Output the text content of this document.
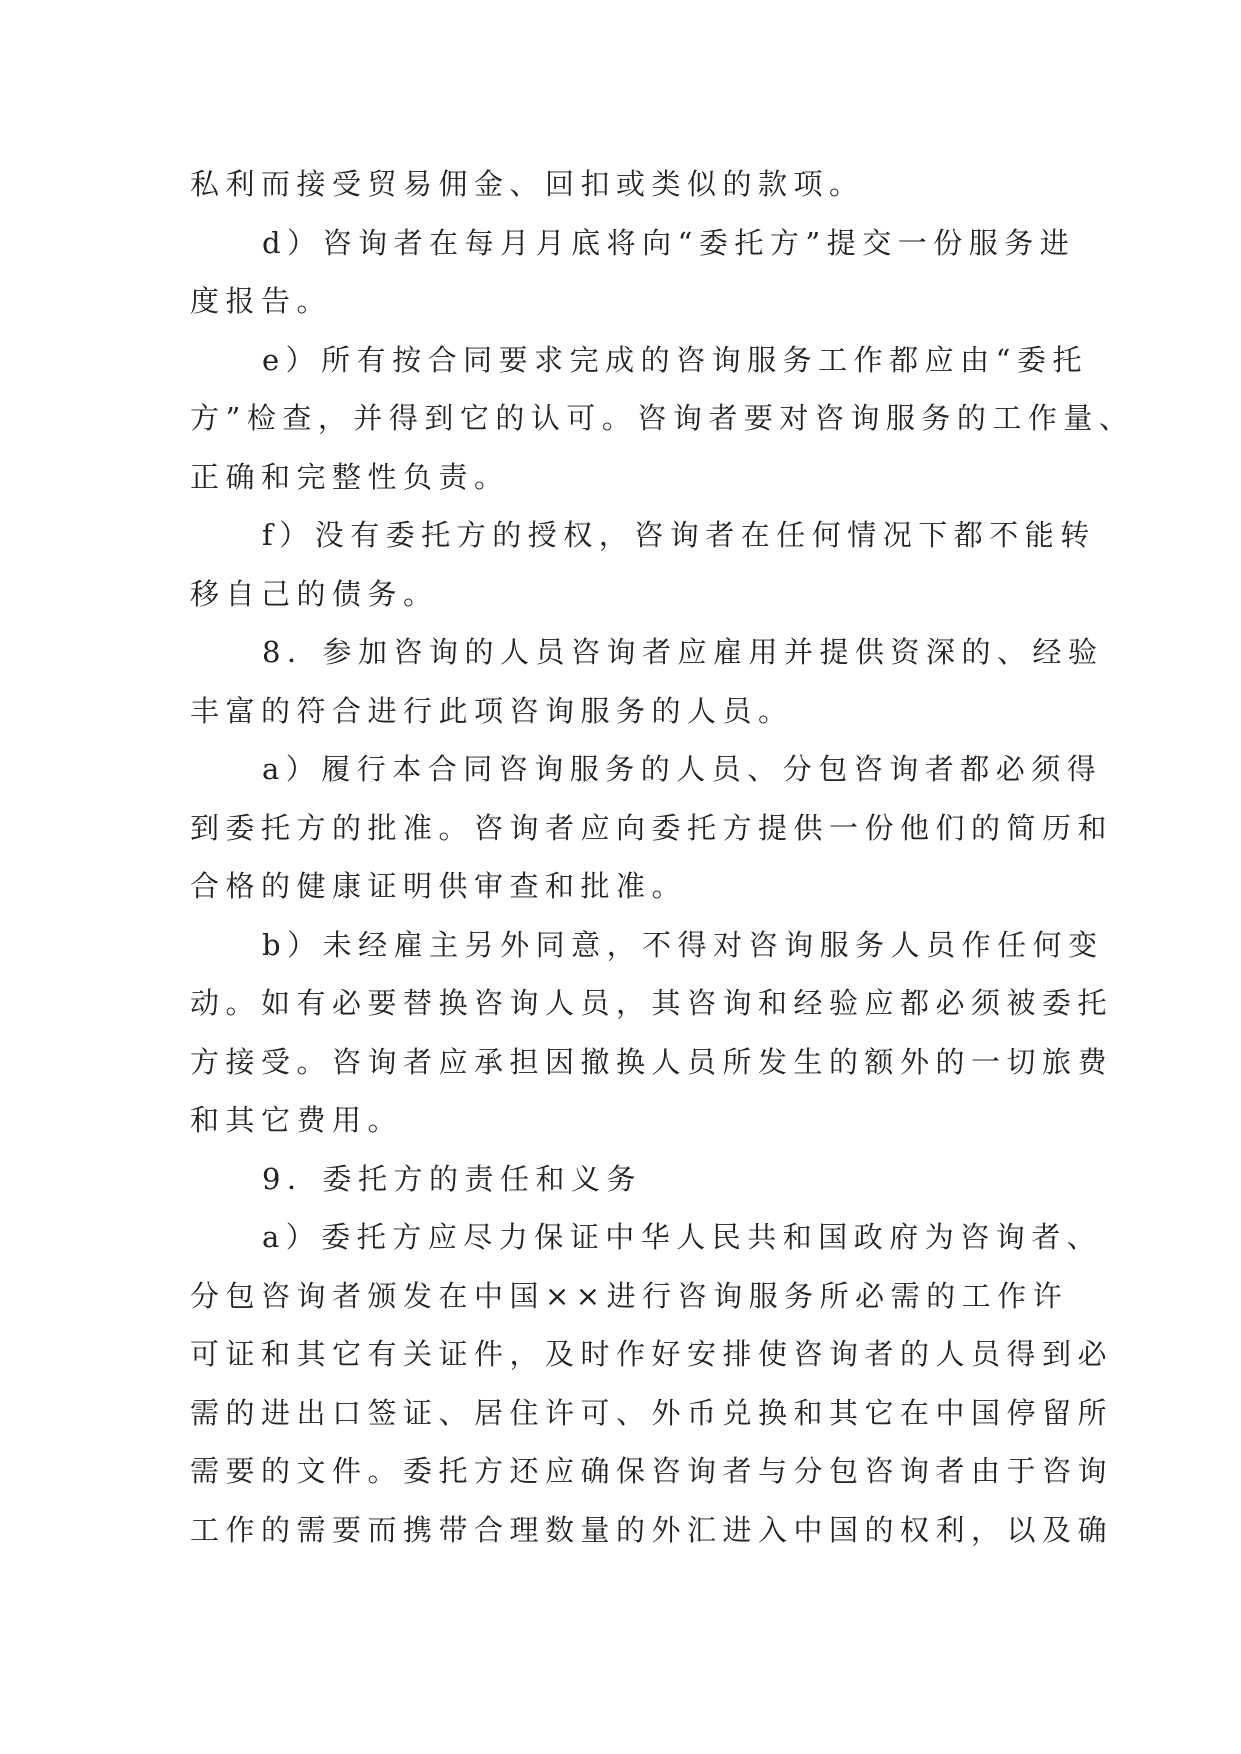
私利而接受贸易佣金、回扣或类似的款项。
d）咨询者在每月月底将向“委托方”提交一份服务进
度报告。
e）所有按合同要求完成的咨询服务工作都应由“委托
方”检查，并得到它的认可。咨询者要对咨询服务的工作量、
正确和完整性负责。
f）没有委托方的授权，咨询者在任何情况下都不能转
移自己的债务。
8．参加咨询的人员咨询者应雇用并提供资深的、经验
丰富的符合进行此项咨询服务的人员。
a）履行本合同咨询服务的人员、分包咨询者都必须得
到委托方的批准。咨询者应向委托方提供一份他们的简历和
合格的健康证明供审查和批准。
b）未经雇主另外同意，不得对咨询服务人员作任何变
动。如有必要替换咨询人员，其咨询和经验应都必须被委托
方接受。咨询者应承担因撤换人员所发生的额外的一切旅费
和其它费用。
9．委托方的责任和义务
a）委托方应尽力保证中华人民共和国政府为咨询者、
分包咨询者颁发在中国××进行咨询服务所必需的工作许
可证和其它有关证件，及时作好安排使咨询者的人员得到必
需的进出口签证、居住许可、外币兑换和其它在中国停留所
需要的文件。委托方还应确保咨询者与分包咨询者由于咨询
工作的需要而携带合理数量的外汇进入中国的权利，以及确
